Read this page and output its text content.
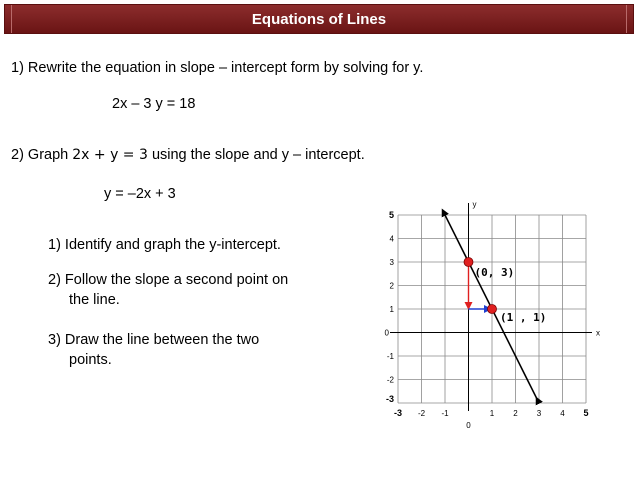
Equations of Lines
1) Rewrite the equation in slope – intercept form by solving for y.
2x – 3 y = 18
2) Graph 2x + y = 3 using the slope and y – intercept.
y = –2x + 3
1) Identify and graph the y-intercept.
2) Follow the slope a second point on
the line.
3) Draw the line between the two
points.
-3 -2 -1	1 2 3 4 5
5
4
3
2
1
-1
-2
-3
0
0
x
y
(0, 3)
(1 , 1)
